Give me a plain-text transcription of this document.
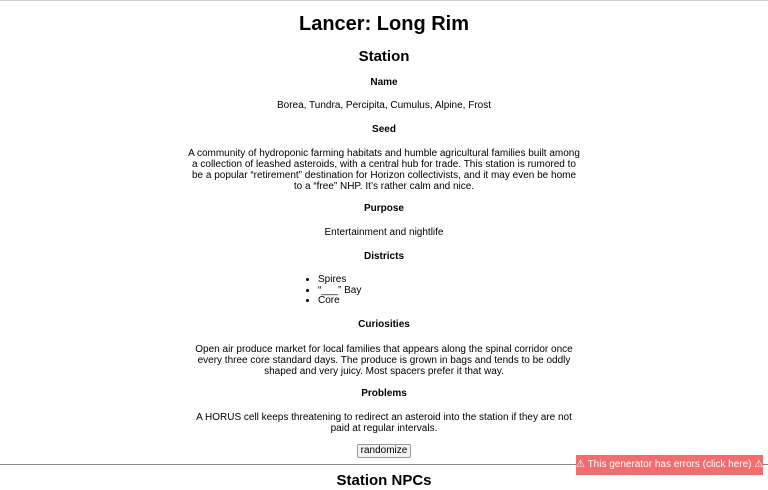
Lancer: Long Rim
Station
Name
Borea, Tundra, Percipita, Cumulus, Alpine, Frost
Seed
A community of hydroponic farming habitats and humble agricultural families built among a collection of leashed asteroids, with a central hub for trade. This station is rumored to be a popular “retirement” destination for Horizon collectivists, and it may even be home to a “free” NHP. It’s rather calm and nice.
Purpose
Entertainment and nightlife
Districts
• Spires
• “___” Bay
• Core
Curiosities
Open air produce market for local families that appears along the spinal corridor once every three core standard days. The produce is grown in bags and tends to be oddly shaped and very juicy. Most spacers prefer it that way.
Problems
A HORUS cell keeps threatening to redirect an asteroid into the station if they are not paid at regular intervals.
randomize
Station NPCs
⚠ This generator has errors (click here) ⚠
